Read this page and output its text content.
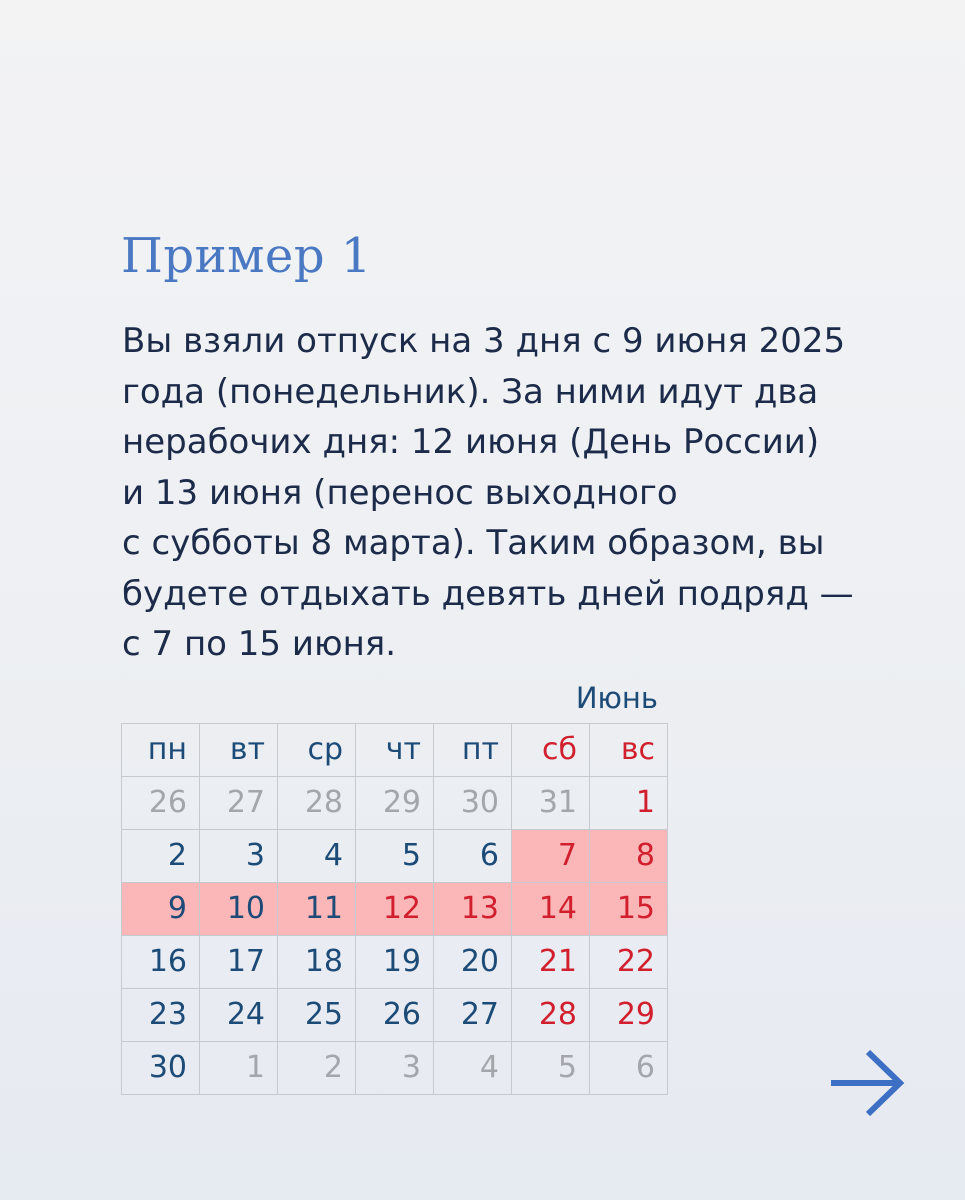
Пример 1
Вы взяли отпуск на 3 дня с 9 июня 2025
года (понедельник). За ними идут два
нерабочих дня: 12 июня (День России)
и 13 июня (перенос выходного
с субботы 8 марта). Таким образом, вы
будете отдыхать девять дней подряд —
с 7 по 15 июня.
Июнь
пн	вт	ср	чт	пт	сб	вс
26	27	28	29	30	31	1
2	3	4	5	6	7	8
9	10	11	12	13	14	15
16	17	18	19	20	21	22
23	24	25	26	27	28	29
30	1	2	3	4	5	6
